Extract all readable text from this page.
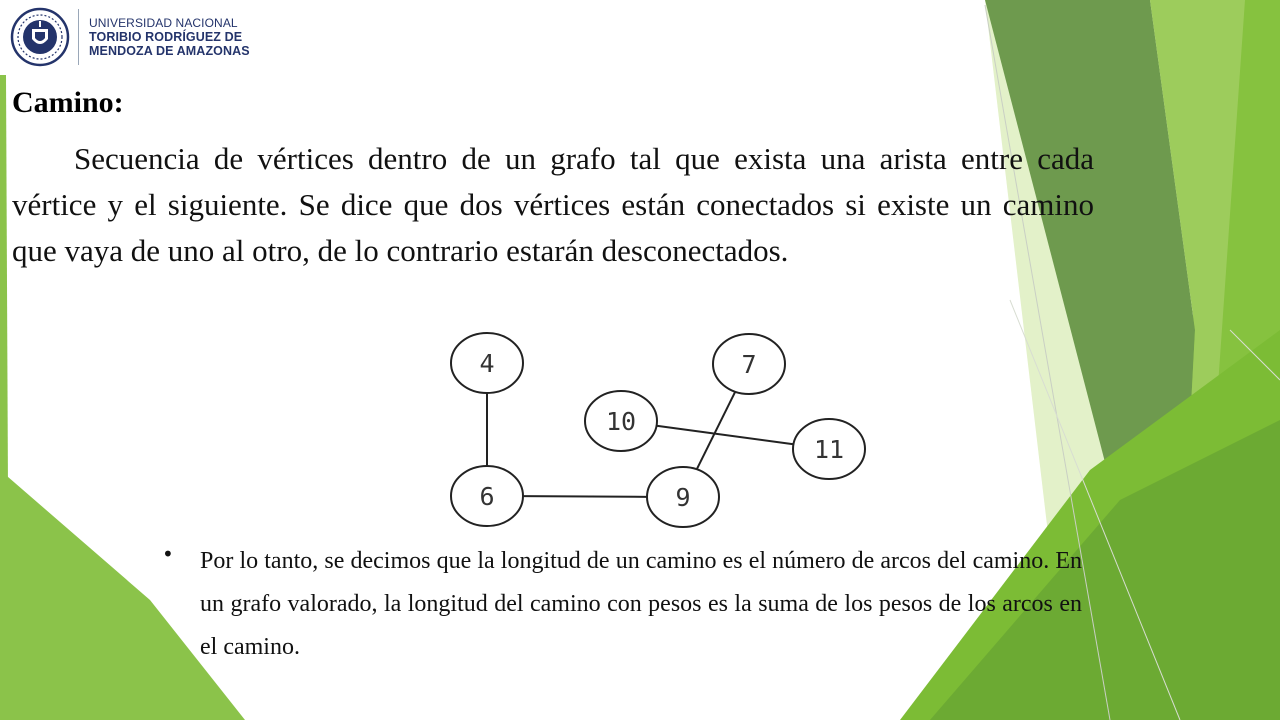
UNIVERSIDAD NACIONAL
TORIBIO RODRÍGUEZ DE
MENDOZA DE AMAZONAS
Camino:

Secuencia de vértices dentro de un grafo tal que exista una arista entre cada vértice y el siguiente. Se dice que dos vértices están conectados si existe un camino que vaya de uno al otro, de lo contrario estarán desconectados.

4	7
10
11
6	9
•	Por lo tanto, se decimos que la longitud de un camino es el número de arcos del camino. En un grafo valorado, la longitud del camino con pesos es la suma de los pesos de los arcos en el camino.
